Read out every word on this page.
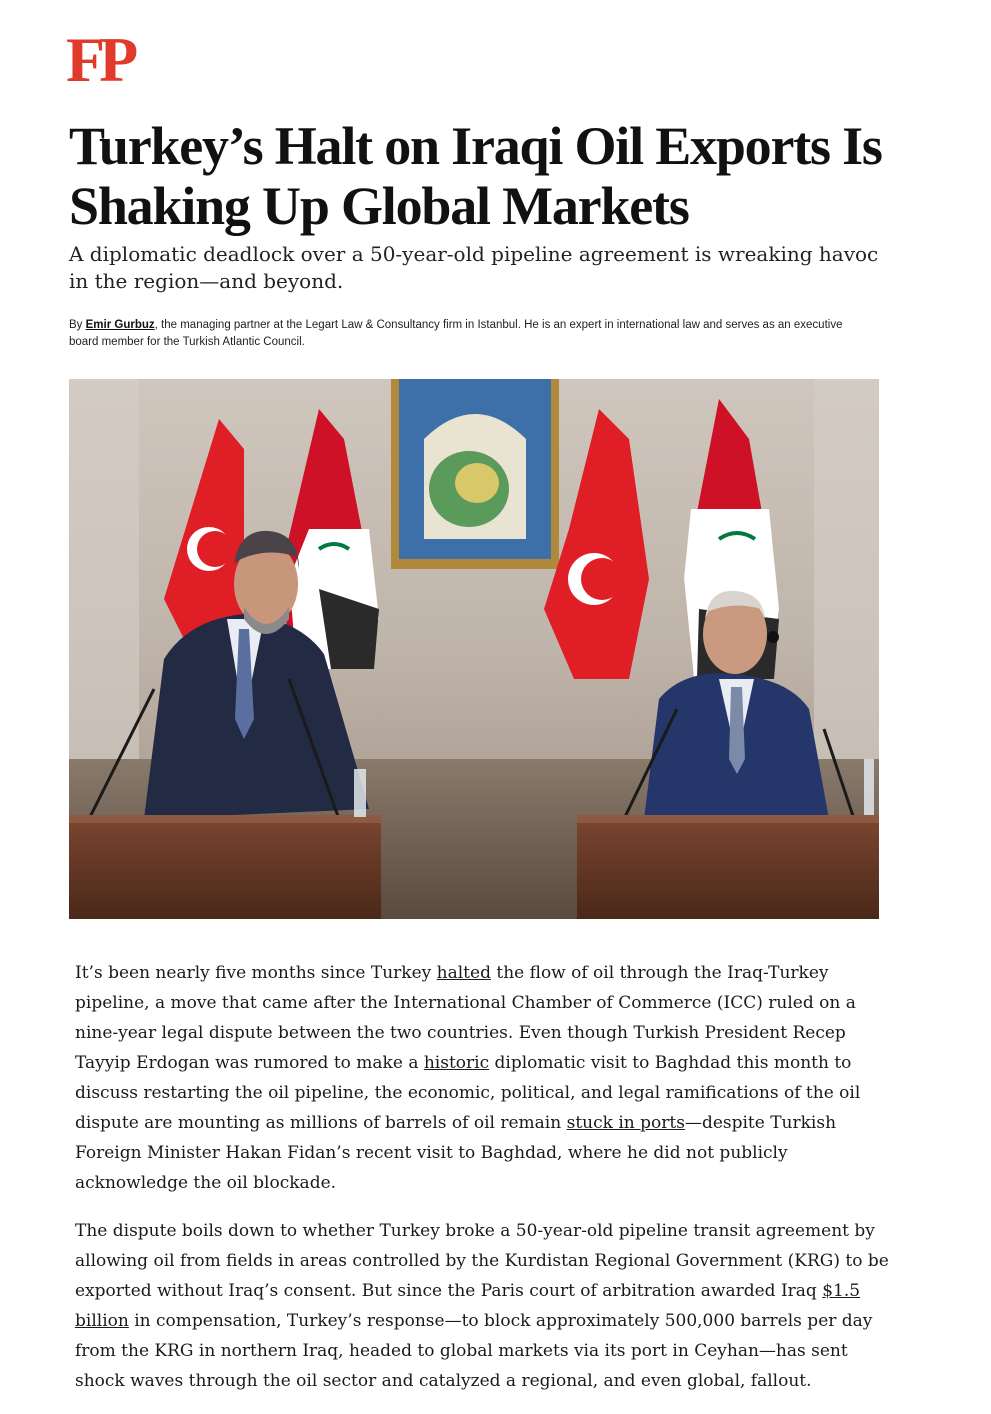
FP
Turkey’s Halt on Iraqi Oil Exports Is Shaking Up Global Markets

A diplomatic deadlock over a 50-year-old pipeline agreement is wreaking havoc in the region—and beyond.

By Emir Gurbuz, the managing partner at the Legart Law & Consultancy firm in Istanbul. He is an expert in international law and serves as an executive board member for the Turkish Atlantic Council.

It’s been nearly five months since Turkey halted the flow of oil through the Iraq-Turkey pipeline, a move that came after the International Chamber of Commerce (ICC) ruled on a nine-year legal dispute between the two countries. Even though Turkish President Recep Tayyip Erdogan was rumored to make a historic diplomatic visit to Baghdad this month to discuss restarting the oil pipeline, the economic, political, and legal ramifications of the oil dispute are mounting as millions of barrels of oil remain stuck in ports—despite Turkish Foreign Minister Hakan Fidan’s recent visit to Baghdad, where he did not publicly acknowledge the oil blockade.

The dispute boils down to whether Turkey broke a 50-year-old pipeline transit agreement by allowing oil from fields in areas controlled by the Kurdistan Regional Government (KRG) to be exported without Iraq’s consent. But since the Paris court of arbitration awarded Iraq $1.5 billion in compensation, Turkey’s response—to block approximately 500,000 barrels per day from the KRG in northern Iraq, headed to global markets via its port in Ceyhan—has sent shock waves through the oil sector and catalyzed a regional, and even global, fallout.
